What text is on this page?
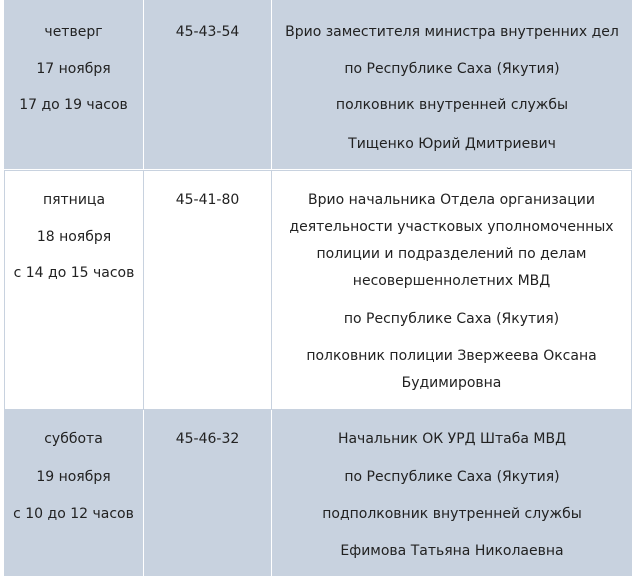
четверг
17 ноября
17 до 19 часов
45-43-54	Врио заместителя министра внутренних дел
по Республике Саха (Якутия)
полковник внутренней службы
Тищенко Юрий Дмитриевич
пятница
18 ноября
с 14 до 15 часов
45-41-80	Врио начальника Отдела организации
деятельности участковых уполномоченных
полиции и подразделений по делам
несовершеннолетних МВД
по Республике Саха (Якутия)
полковник полиции Звержеева Оксана
Будимировна
суббота
19 ноября
с 10 до 12 часов
45-46-32	Начальник ОК УРД Штаба МВД
по Республике Саха (Якутия)
подполковник внутренней службы
Ефимова Татьяна Николаевна
